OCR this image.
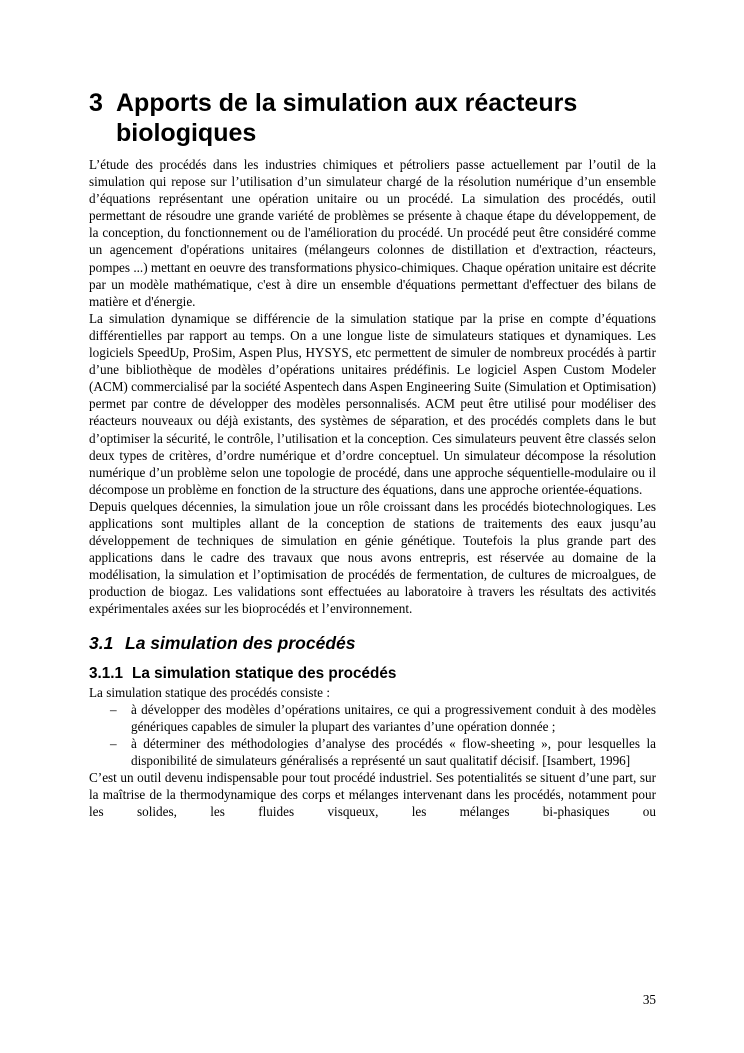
3 Apports de la simulation aux réacteurs biologiques

L’étude des procédés dans les industries chimiques et pétroliers passe actuellement par l’outil de la simulation qui repose sur l’utilisation d’un simulateur chargé de la résolution numérique d’un ensemble d’équations représentant une opération unitaire ou un procédé. La simulation des procédés, outil permettant de résoudre une grande variété de problèmes se présente à chaque étape du développement, de la conception, du fonctionnement ou de l'amélioration du procédé. Un procédé peut être considéré comme un agencement d'opérations unitaires (mélangeurs colonnes de distillation et d'extraction, réacteurs, pompes ...) mettant en oeuvre des transformations physico-chimiques. Chaque opération unitaire est décrite par un modèle mathématique, c'est à dire un ensemble d'équations permettant d'effectuer des bilans de matière et d'énergie.

La simulation dynamique se différencie de la simulation statique par la prise en compte d’équations différentielles par rapport au temps. On a une longue liste de simulateurs statiques et dynamiques. Les logiciels SpeedUp, ProSim, Aspen Plus, HYSYS, etc permettent de simuler de nombreux procédés à partir d’une bibliothèque de modèles d’opérations unitaires prédéfinis. Le logiciel Aspen Custom Modeler (ACM) commercialisé par la société Aspentech dans Aspen Engineering Suite (Simulation et Optimisation) permet par contre de développer des modèles personnalisés. ACM peut être utilisé pour modéliser des réacteurs nouveaux ou déjà existants, des systèmes de séparation, et des procédés complets dans le but d’optimiser la sécurité, le contrôle, l’utilisation et la conception. Ces simulateurs peuvent être classés selon deux types de critères, d’ordre numérique et d’ordre conceptuel. Un simulateur décompose la résolution numérique d’un problème selon une topologie de procédé, dans une approche séquentielle-modulaire ou il décompose un problème en fonction de la structure des équations, dans une approche orientée-équations.

Depuis quelques décennies, la simulation joue un rôle croissant dans les procédés biotechnologiques. Les applications sont multiples allant de la conception de stations de traitements des eaux jusqu’au développement de techniques de simulation en génie génétique. Toutefois la plus grande part des applications dans le cadre des travaux que nous avons entrepris, est réservée au domaine de la modélisation, la simulation et l’optimisation de procédés de fermentation, de cultures de microalgues, de production de biogaz. Les validations sont effectuées au laboratoire à travers les résultats des activités expérimentales axées sur les bioprocédés et l’environnement.

3.1 La simulation des procédés
3.1.1 La simulation statique des procédés

La simulation statique des procédés consiste :

– à développer des modèles d’opérations unitaires, ce qui a progressivement conduit à des modèles génériques capables de simuler la plupart des variantes d’une opération donnée ;
– à déterminer des méthodologies d’analyse des procédés « flow-sheeting », pour lesquelles la disponibilité de simulateurs généralisés a représenté un saut qualitatif décisif. [Isambert, 1996]

C’est un outil devenu indispensable pour tout procédé industriel. Ses potentialités se situent d’une part, sur la maîtrise de la thermodynamique des corps et mélanges intervenant dans les procédés, notamment pour les solides, les fluides visqueux, les mélanges bi-phasiques ou

35
